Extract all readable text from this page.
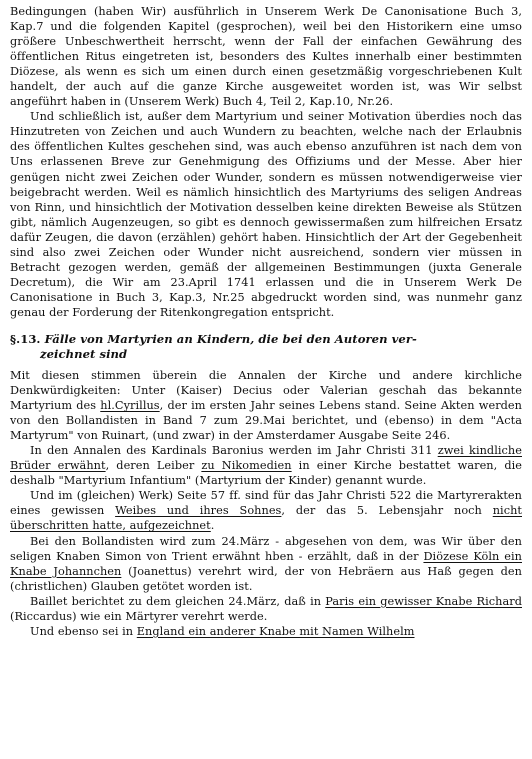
Bedingungen (haben Wir) ausführlich in Unserem Werk De Canonisatione Buch 3, Kap.7 und die folgenden Kapitel (gesprochen), weil bei den Historikern eine umso größere Unbeschwertheit herrscht, wenn der Fall der einfachen Gewährung des öffentlichen Ritus eingetreten ist, besonders des Kultes innerhalb einer bestimmten Diözese, als wenn es sich um einen durch einen gesetzmäßig vorgeschriebenen Kult handelt, der auch auf die ganze Kirche ausgeweitet worden ist, was Wir selbst angeführt haben in (Unserem Werk) Buch 4, Teil 2, Kap.10, Nr.26.

Und schließlich ist, außer dem Martyrium und seiner Motivation überdies noch das Hinzutreten von Zeichen und auch Wundern zu beachten, welche nach der Erlaubnis des öffentlichen Kultes geschehen sind, was auch ebenso anzuführen ist nach dem von Uns erlassenen Breve zur Genehmigung des Offiziums und der Messe. Aber hier genügen nicht zwei Zeichen oder Wunder, sondern es müssen notwendigerweise vier beigebracht werden. Weil es nämlich hinsichtlich des Martyriums des seligen Andreas von Rinn, und hinsichtlich der Motivation desselben keine direkten Beweise als Stützen gibt, nämlich Augenzeugen, so gibt es dennoch gewissermaßen zum hilfreichen Ersatz dafür Zeugen, die davon (erzählen) gehört haben. Hinsichtlich der Art der Gegebenheit sind also zwei Zeichen oder Wunder nicht ausreichend, sondern vier müssen in Betracht gezogen werden, gemäß der allgemeinen Bestimmungen (juxta Generale Decretum), die Wir am 23.April 1741 erlassen und die in Unserem Werk De Canonisatione in Buch 3, Kap.3, Nr.25 abgedruckt worden sind, was nunmehr ganz genau der Forderung der Ritenkongregation entspricht.

§.13. Fälle von Martyrien an Kindern, die bei den Autoren ver-
zeichnet sind

Mit diesen stimmen überein die Annalen der Kirche und andere kirchliche Denkwürdigkeiten: Unter (Kaiser) Decius oder Valerian geschah das bekannte Martyrium des hl.Cyrillus, der im ersten Jahr seines Lebens stand. Seine Akten werden von den Bollandisten in Band 7 zum 29.Mai berichtet, und (ebenso) in dem "Acta Martyrum" von Ruinart, (und zwar) in der Amsterdamer Ausgabe Seite 246.

In den Annalen des Kardinals Baronius werden im Jahr Christi 311 zwei kindliche Brüder erwähnt, deren Leiber zu Nikomedien in einer Kirche bestattet waren, die deshalb "Martyrium Infantium" (Martyrium der Kinder) genannt wurde.

Und im (gleichen) Werk) Seite 57 ff. sind für das Jahr Christi 522 die Martyrerakten eines gewissen Weibes und ihres Sohnes, der das 5. Lebensjahr noch nicht überschritten hatte, aufgezeichnet.

Bei den Bollandisten wird zum 24.März - abgesehen von dem, was Wir über den seligen Knaben Simon von Trient erwähnt hben - erzählt, daß in der Diözese Köln ein Knabe Johannchen (Joanettus) verehrt wird, der von Hebräern aus Haß gegen den (christlichen) Glauben getötet worden ist.

Baillet berichtet zu dem gleichen 24.März, daß in Paris ein gewisser Knabe Richard (Riccardus) wie ein Märtyrer verehrt werde.

Und ebenso sei in England ein anderer Knabe mit Namen Wilhelm
